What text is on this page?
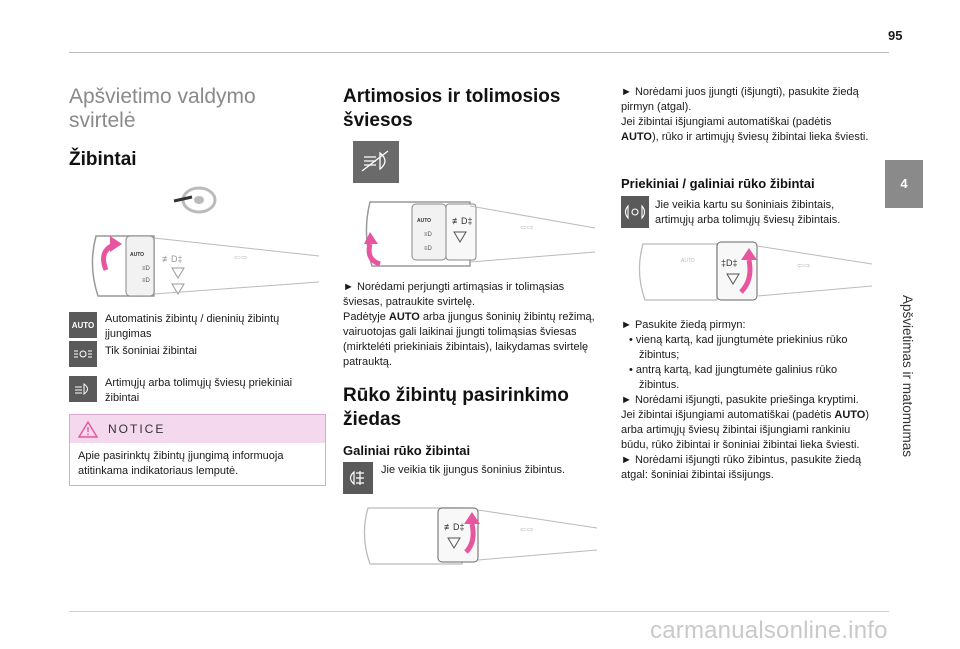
95
4
Apšvietimas ir matomumas
carmanualsonline.info
Apšvietimo valdymo svirtelė
Žibintai
AUTO
≡D
≡D
≢D‡	⇦⇨
AUTO Automatinis žibintų / dieninių žibintų įjungimas
Tik šoniniai žibintai
Artimųjų arba tolimųjų šviesų priekiniai žibintai
NOTICE
Apie pasirinktų žibintų įjungimą informuoja atitinkama indikatoriaus lemputė.
Artimosios ir tolimosios šviesos
AUTO
≡D
≡D
≢D‡
⇦⇨
► Norėdami perjungti artimąsias ir tolimąsias šviesas, patraukite svirtelę.
Padėtyje AUTO arba įjungus šoninių žibintų režimą, vairuotojas gali laikinai įjungti tolimąsias šviesas (mirkteléti priekiniais žibintais), laikydamas svirtelę patrauktą.
Rūko žibintų pasirinkimo žiedas
Galiniai rūko žibintai
Jie veikia tik įjungus šoninius žibintus.
≢D‡	⇦⇨
► Norėdami juos įjungti (išjungti), pasukite žiedą pirmyn (atgal).
Jei žibintai išjungiami automatiškai (padėtis AUTO), rūko ir artimųjų šviesų žibintai lieka šviesti.
Priekiniai / galiniai rūko žibintai
Jie veikia kartu su šoniniais žibintais, artimųjų arba tolimųjų šviesų žibintais.
AUTO	‡D‡	⇦⇨
► Pasukite žiedą pirmyn:
• vieną kartą, kad įjungtumėte priekinius rūko žibintus;
• antrą kartą, kad įjungtumėte galinius rūko žibintus.
► Norėdami išjungti, pasukite priešinga kryptimi.
Jei žibintai išjungiami automatiškai (padėtis AUTO) arba artimųjų šviesų žibintai išjungiami rankiniu būdu, rūko žibintai ir šoniniai žibintai lieka šviesti.
► Norėdami išjungti rūko žibintus, pasukite žiedą atgal: šoniniai žibintai išsijungs.
